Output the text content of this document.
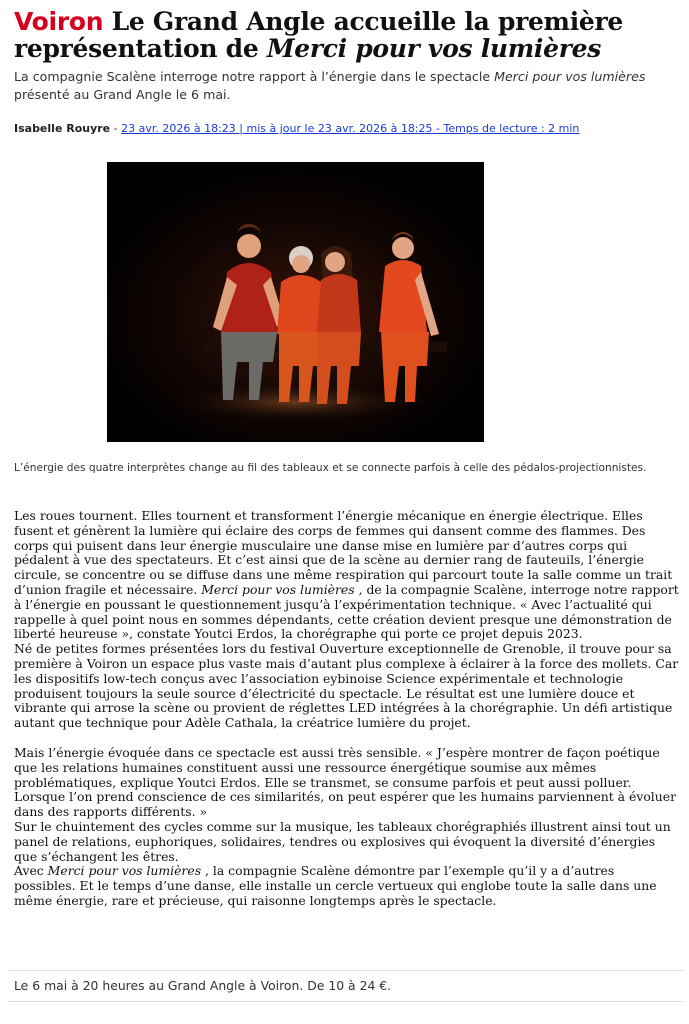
Voiron Le Grand Angle accueille la première représentation de Merci pour vos lumières

La compagnie Scalène interroge notre rapport à l’énergie dans le spectacle Merci pour vos lumières présenté au Grand Angle le 6 mai.

Isabelle Rouyre - 23 avr. 2026 à 18:23 | mis à jour le 23 avr. 2026 à 18:25 - Temps de lecture : 2 min
L’énergie des quatre interprètes change au fil des tableaux et se connecte parfois à celle des pédalos-projectionnistes.

Les roues tournent. Elles tournent et transforment l’énergie mécanique en énergie électrique. Elles fusent et génèrent la lumière qui éclaire des corps de femmes qui dansent comme des flammes. Des corps qui puisent dans leur énergie musculaire une danse mise en lumière par d’autres corps qui pédalent à vue des spectateurs. Et c’est ainsi que de la scène au dernier rang de fauteuils, l’énergie circule, se concentre ou se diffuse dans une même respiration qui parcourt toute la salle comme un trait d’union fragile et nécessaire. Merci pour vos lumières , de la compagnie Scalène, interroge notre rapport à l’énergie en poussant le questionnement jusqu’à l’expérimentation technique. « Avec l’actualité qui rappelle à quel point nous en sommes dépendants, cette création devient presque une démonstration de liberté heureuse », constate Youtci Erdos, la chorégraphe qui porte ce projet depuis 2023.

Né de petites formes présentées lors du festival Ouverture exceptionnelle de Grenoble, il trouve pour sa première à Voiron un espace plus vaste mais d’autant plus complexe à éclairer à la force des mollets. Car les dispositifs low-tech conçus avec l’association eybinoise Science expérimentale et technologie produisent toujours la seule source d’électricité du spectacle. Le résultat est une lumière douce et vibrante qui arrose la scène ou provient de réglettes LED intégrées à la chorégraphie. Un défi artistique autant que technique pour Adèle Cathala, la créatrice lumière du projet.

Mais l’énergie évoquée dans ce spectacle est aussi très sensible. « J’espère montrer de façon poétique que les relations humaines constituent aussi une ressource énergétique soumise aux mêmes problématiques, explique Youtci Erdos. Elle se transmet, se consume parfois et peut aussi polluer. Lorsque l’on prend conscience de ces similarités, on peut espérer que les humains parviennent à évoluer dans des rapports différents. »

Sur le chuintement des cycles comme sur la musique, les tableaux chorégraphiés illustrent ainsi tout un panel de relations, euphoriques, solidaires, tendres ou explosives qui évoquent la diversité d’énergies que s’échangent les êtres.

Avec Merci pour vos lumières , la compagnie Scalène démontre par l’exemple qu’il y a d’autres possibles. Et le temps d’une danse, elle installe un cercle vertueux qui englobe toute la salle dans une même énergie, rare et précieuse, qui raisonne longtemps après le spectacle.

Le 6 mai à 20 heures au Grand Angle à Voiron. De 10 à 24 €.
